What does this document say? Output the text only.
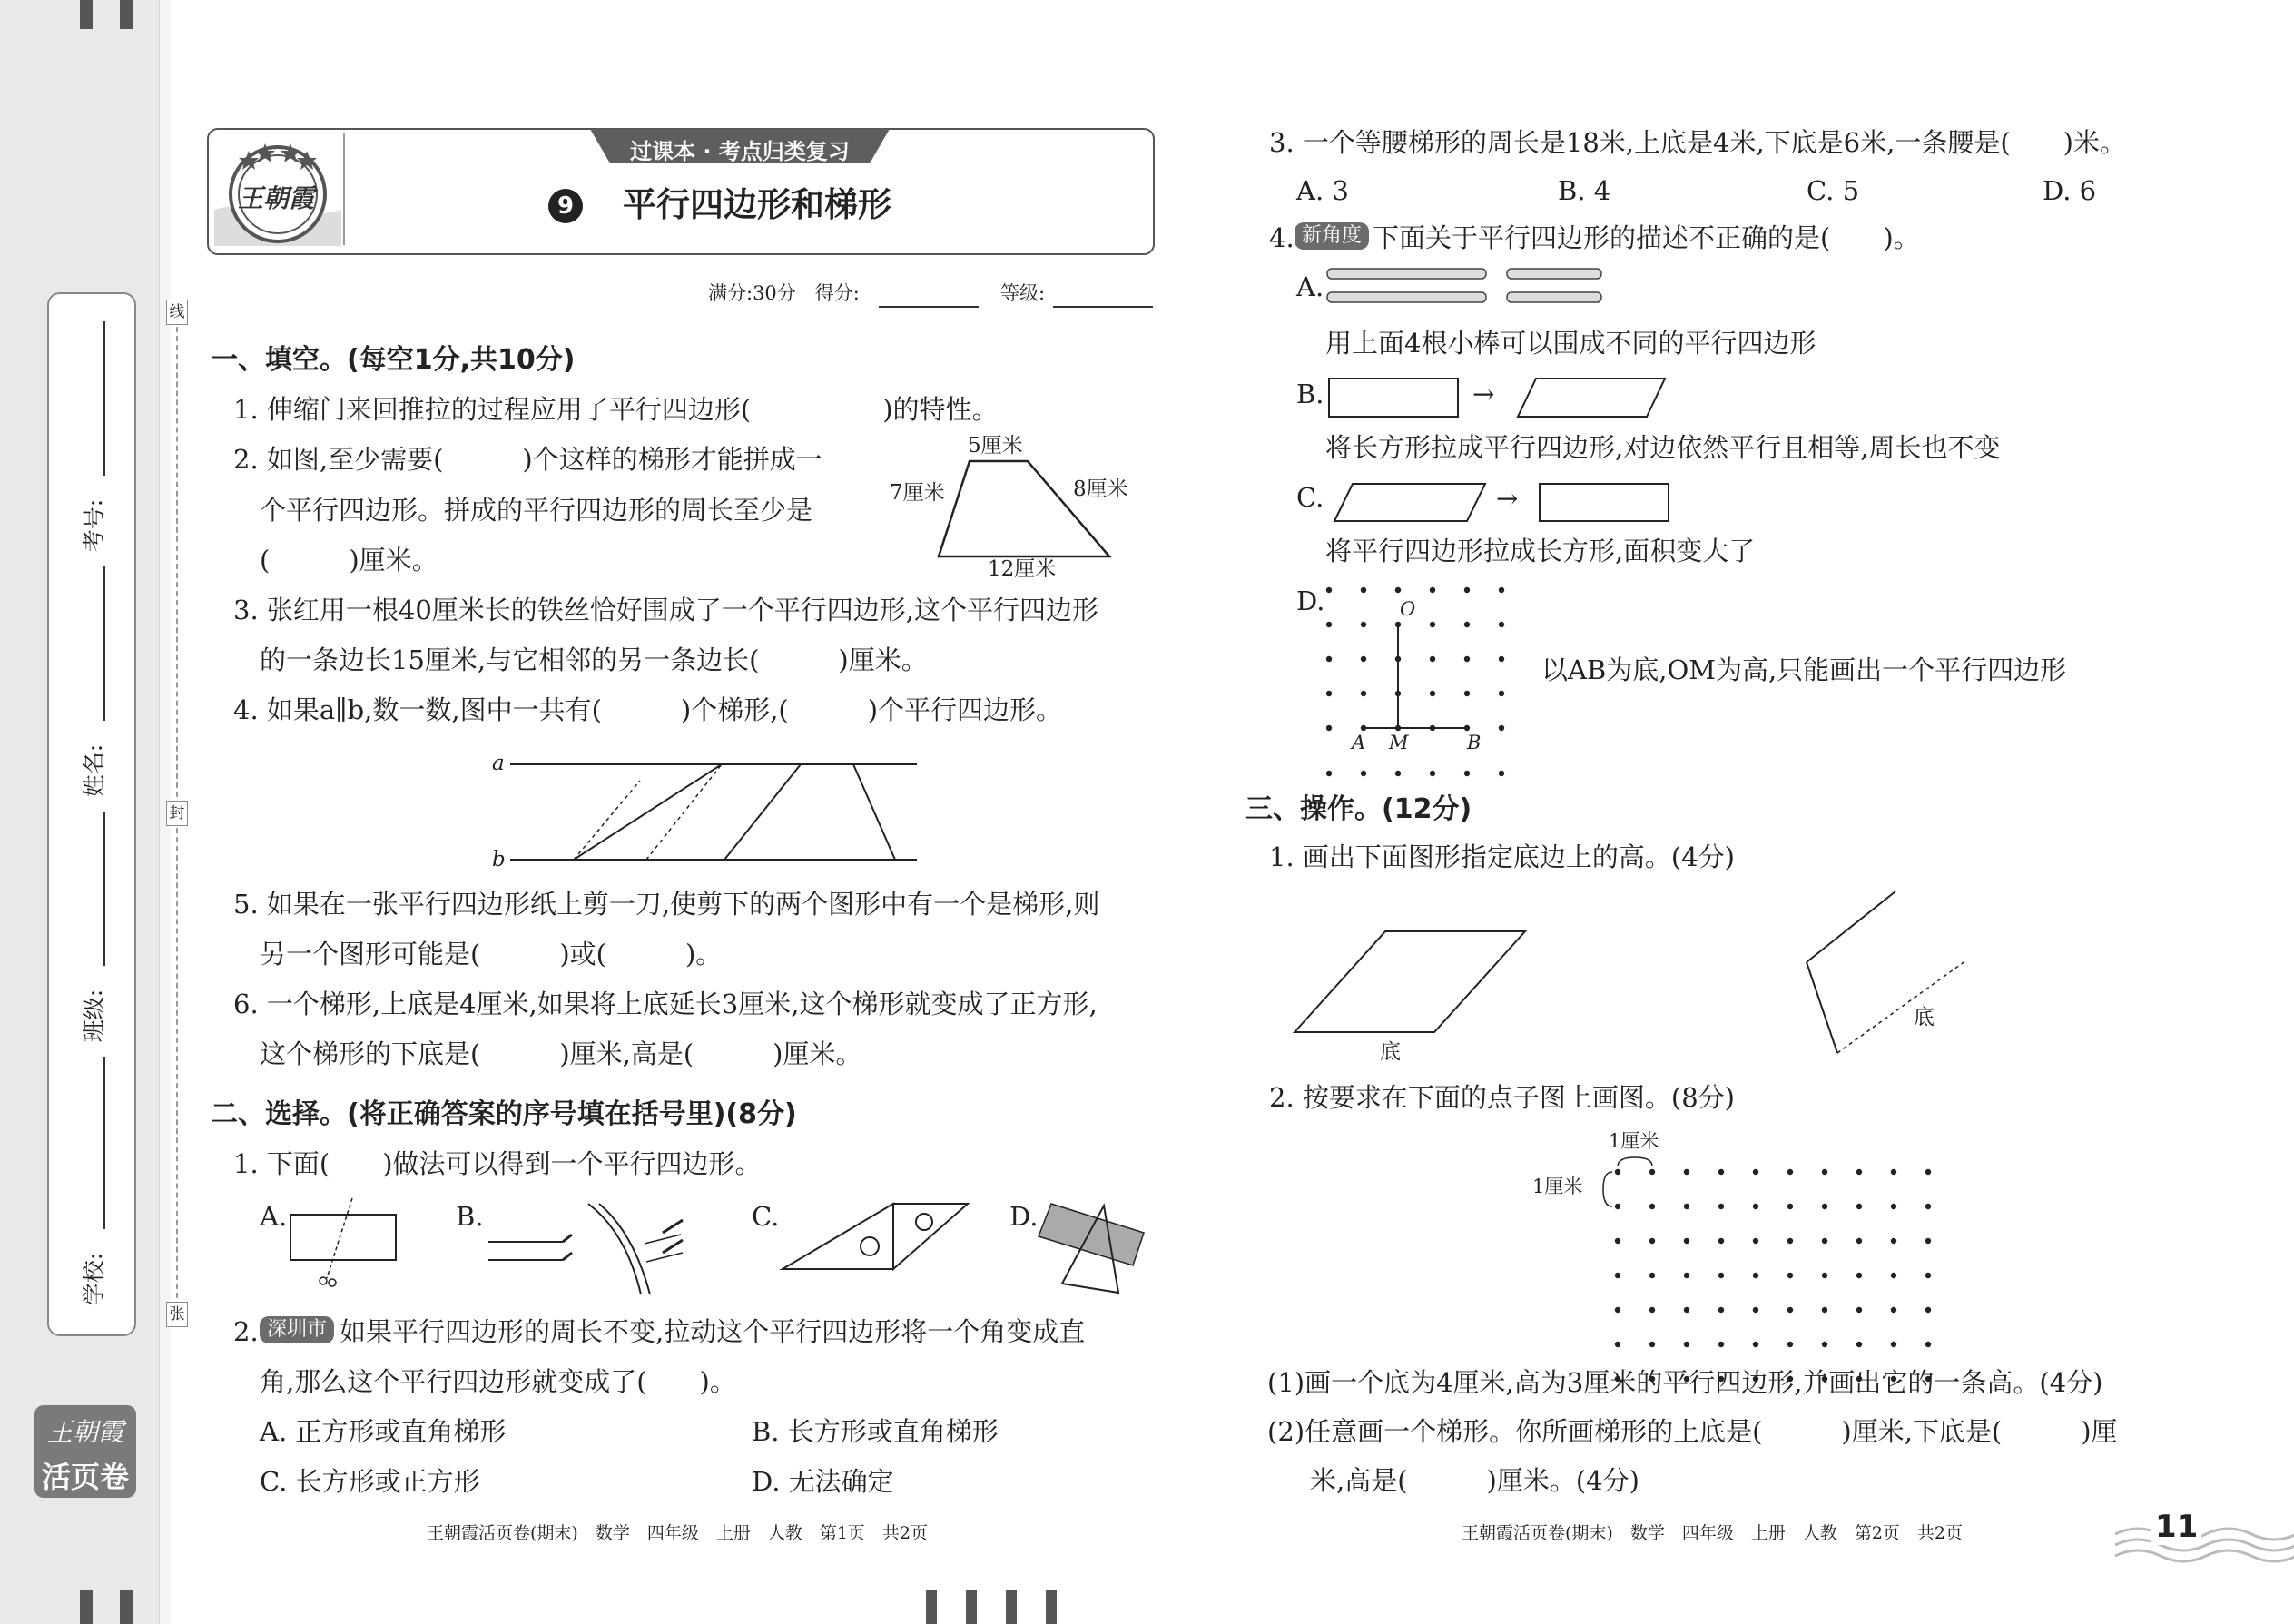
线
封
张
考号:
姓名:
班级:
学校:
王朝霞
活页卷
王朝霞
过课本 · 考点归类复习
9 平行四边形和梯形
满分:30分　得分:	等级:
一、填空。(每空1分,共10分)
1. 伸缩门来回推拉的过程应用了平行四边形(　　　　　)的特性。
2. 如图,至少需要(　　　)个这样的梯形才能拼成一
个平行四边形。拼成的平行四边形的周长至少是
(　　　)厘米。
5厘米
7厘米	8厘米
12厘米
3. 张红用一根40厘米长的铁丝恰好围成了一个平行四边形,这个平行四边形
的一条边长15厘米,与它相邻的另一条边长(　　　)厘米。
4. 如果a∥b,数一数,图中一共有(　　　)个梯形,(　　　)个平行四边形。
a
b
5. 如果在一张平行四边形纸上剪一刀,使剪下的两个图形中有一个是梯形,则
另一个图形可能是(　　　)或(　　　)。
6. 一个梯形,上底是4厘米,如果将上底延长3厘米,这个梯形就变成了正方形,
这个梯形的下底是(　　　)厘米,高是(　　　)厘米。
二、选择。(将正确答案的序号填在括号里)(8分)
1. 下面(　　)做法可以得到一个平行四边形。
A.	B.	C.	D.
2. 深圳市 如果平行四边形的周长不变,拉动这个平行四边形将一个角变成直
角,那么这个平行四边形就变成了(　　)。
A. 正方形或直角梯形	B. 长方形或直角梯形
C. 长方形或正方形	D. 无法确定
王朝霞活页卷(期末)　数学　四年级　上册　人教　第1页　共2页
3. 一个等腰梯形的周长是18米,上底是4米,下底是6米,一条腰是(　　)米。
A. 3	B. 4	C. 5	D. 6
4. 新角度 下面关于平行四边形的描述不正确的是(　　)。
A.
用上面4根小棒可以围成不同的平行四边形
B.	→
将长方形拉成平行四边形,对边依然平行且相等,周长也不变
C.	→
将平行四边形拉成长方形,面积变大了
D.	O
A M	B
以AB为底,OM为高,只能画出一个平行四边形
三、操作。(12分)
1. 画出下面图形指定底边上的高。(4分)
底
底
2. 按要求在下面的点子图上画图。(8分)
1厘米
1厘米
(1)画一个底为4厘米,高为3厘米的平行四边形,并画出它的一条高。(4分)
(2)任意画一个梯形。你所画梯形的上底是(　　　)厘米,下底是(　　　)厘
米,高是(　　　)厘米。(4分)
王朝霞活页卷(期末)　数学　四年级　上册　人教　第2页　共2页	11
